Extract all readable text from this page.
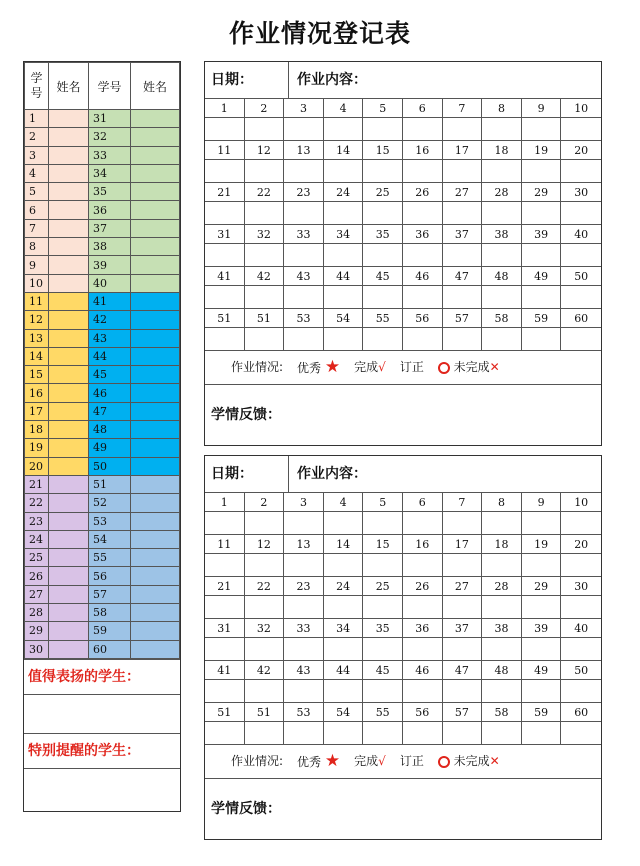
作业情况登记表
学号	姓名	学号	姓名
1		31	
2		32	
3		33	
4		34	
5		35	
6		36	
7		37	
8		38	
9		39	
10		40	
11		41	
12		42	
13		43	
14		44	
15		45	
16		46	
17		47	
18		48	
19		49	
20		50	
21		51	
22		52	
23		53	
24		54	
25		55	
26		56	
27		57	
28		58	
29		59	
30		60	
值得表扬的学生：
特别提醒的学生：
日期：	作业内容：
1	2	3	4	5	6	7	8	9	10
11	12	13	14	15	16	17	18	19	20
21	22	23	24	25	26	27	28	29	30
31	32	33	34	35	36	37	38	39	40
41	42	43	44	45	46	47	48	49	50
51	51	53	54	55	56	57	58	59	60
作业情况: 优秀 ★ 完成√ 订正	未完成✕
学情反馈：
日期：	作业内容：
1	2	3	4	5	6	7	8	9	10
11	12	13	14	15	16	17	18	19	20
21	22	23	24	25	26	27	28	29	30
31	32	33	34	35	36	37	38	39	40
41	42	43	44	45	46	47	48	49	50
51	51	53	54	55	56	57	58	59	60
作业情况: 优秀 ★ 完成√ 订正	未完成✕
学情反馈：
